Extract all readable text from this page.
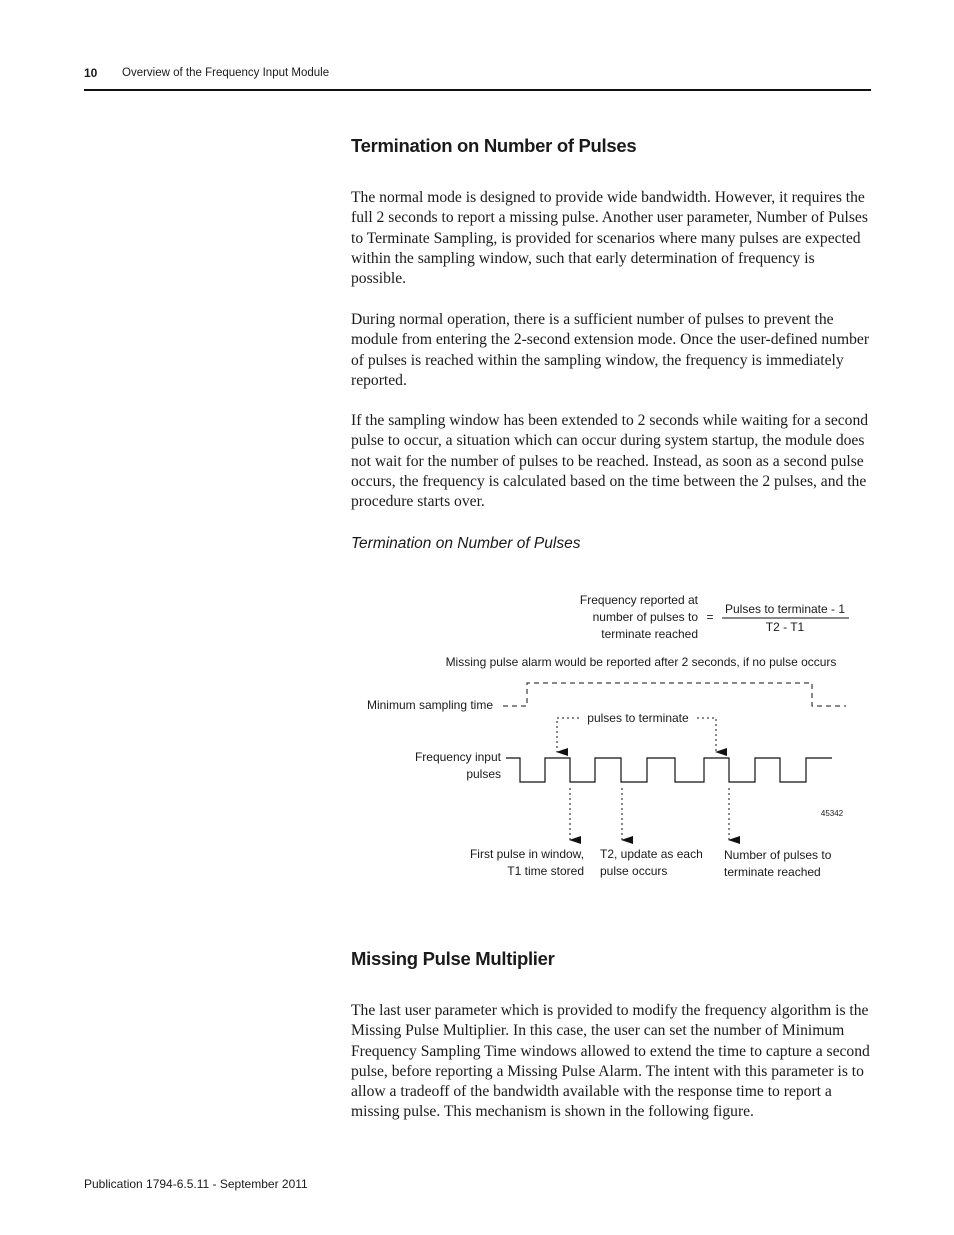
10 Overview of the Frequency Input Module
Termination on Number of Pulses

The normal mode is designed to provide wide bandwidth. However, it requires the full 2 seconds to report a missing pulse. Another user parameter, Number of Pulses to Terminate Sampling, is provided for scenarios where many pulses are expected within the sampling window, such that early determination of frequency is possible.

During normal operation, there is a sufficient number of pulses to prevent the module from entering the 2-second extension mode. Once the user-defined number of pulses is reached within the sampling window, the frequency is immediately reported.

If the sampling window has been extended to 2 seconds while waiting for a second pulse to occur, a situation which can occur during system startup, the module does not wait for the number of pulses to be reached. Instead, as soon as a second pulse occurs, the frequency is calculated based on the time between the 2 pulses, and the procedure starts over.

Termination on Number of Pulses
Frequency reported at
number of pulses to
terminate reached
=
Pulses to terminate - 1
T2 - T1
Missing pulse alarm would be reported after 2 seconds, if no pulse occurs
Minimum sampling time
pulses to terminate
Frequency input
pulses
45342
First pulse in window,
T1 time stored
T2, update as each
pulse occurs
Number of pulses to
terminate reached
Missing Pulse Multiplier

The last user parameter which is provided to modify the frequency algorithm is the Missing Pulse Multiplier. In this case, the user can set the number of Minimum Frequency Sampling Time windows allowed to extend the time to capture a second pulse, before reporting a Missing Pulse Alarm. The intent with this parameter is to allow a tradeoff of the bandwidth available with the response time to report a missing pulse. This mechanism is shown in the following figure.

Publication 1794-6.5.11 - September 2011
